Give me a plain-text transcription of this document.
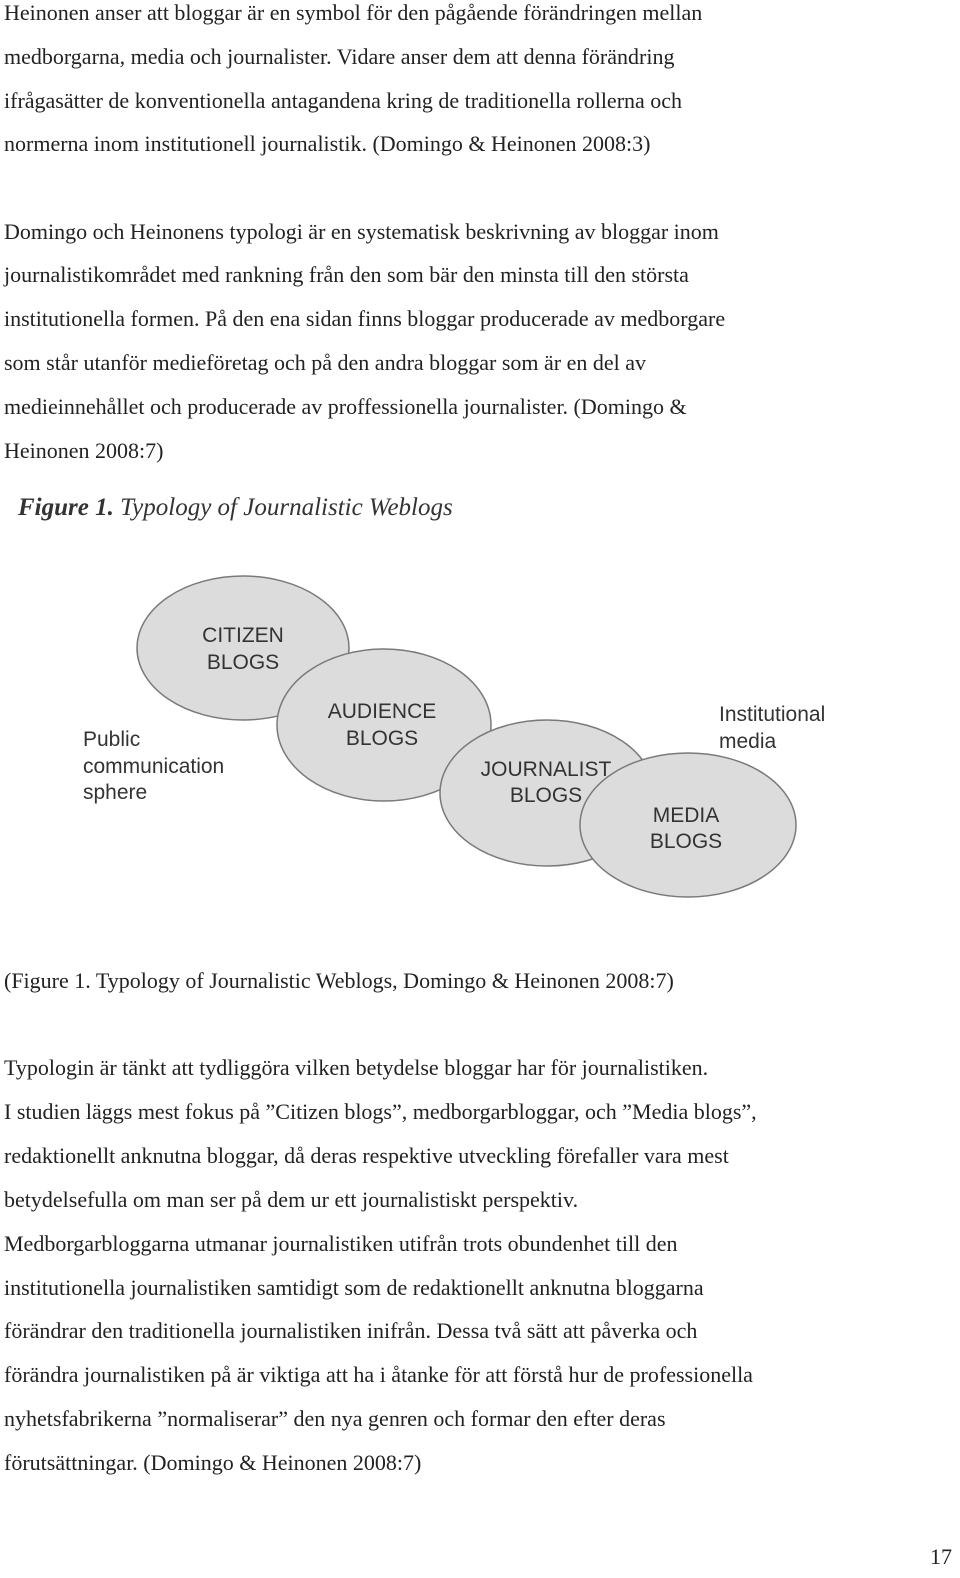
Heinonen anser att bloggar är en symbol för den pågående förändringen mellan
medborgarna, media och journalister. Vidare anser dem att denna förändring
ifrågasätter de konventionella antagandena kring de traditionella rollerna och
normerna inom institutionell journalistik. (Domingo & Heinonen 2008:3)
Domingo och Heinonens typologi är en systematisk beskrivning av bloggar inom
journalistikområdet med rankning från den som bär den minsta till den största
institutionella formen. På den ena sidan finns bloggar producerade av medborgare
som står utanför medieföretag och på den andra bloggar som är en del av
medieinnehållet och producerade av proffessionella journalister. (Domingo &
Heinonen 2008:7)
Figure 1. Typology of Journalistic Weblogs
CITIZEN
BLOGS
AUDIENCE
BLOGS
JOURNALIST
BLOGS
MEDIA
BLOGS
Public
communication
sphere
Institutional
media
(Figure 1. Typology of Journalistic Weblogs, Domingo & Heinonen 2008:7)
Typologin är tänkt att tydliggöra vilken betydelse bloggar har för journalistiken.
I studien läggs mest fokus på ”Citizen blogs”, medborgarbloggar, och ”Media blogs”,
redaktionellt anknutna bloggar, då deras respektive utveckling förefaller vara mest
betydelsefulla om man ser på dem ur ett journalistiskt perspektiv.
Medborgarbloggarna utmanar journalistiken utifrån trots obundenhet till den
institutionella journalistiken samtidigt som de redaktionellt anknutna bloggarna
förändrar den traditionella journalistiken inifrån. Dessa två sätt att påverka och
förändra journalistiken på är viktiga att ha i åtanke för att förstå hur de professionella
nyhetsfabrikerna ”normaliserar” den nya genren och formar den efter deras
förutsättningar. (Domingo & Heinonen 2008:7)
17
